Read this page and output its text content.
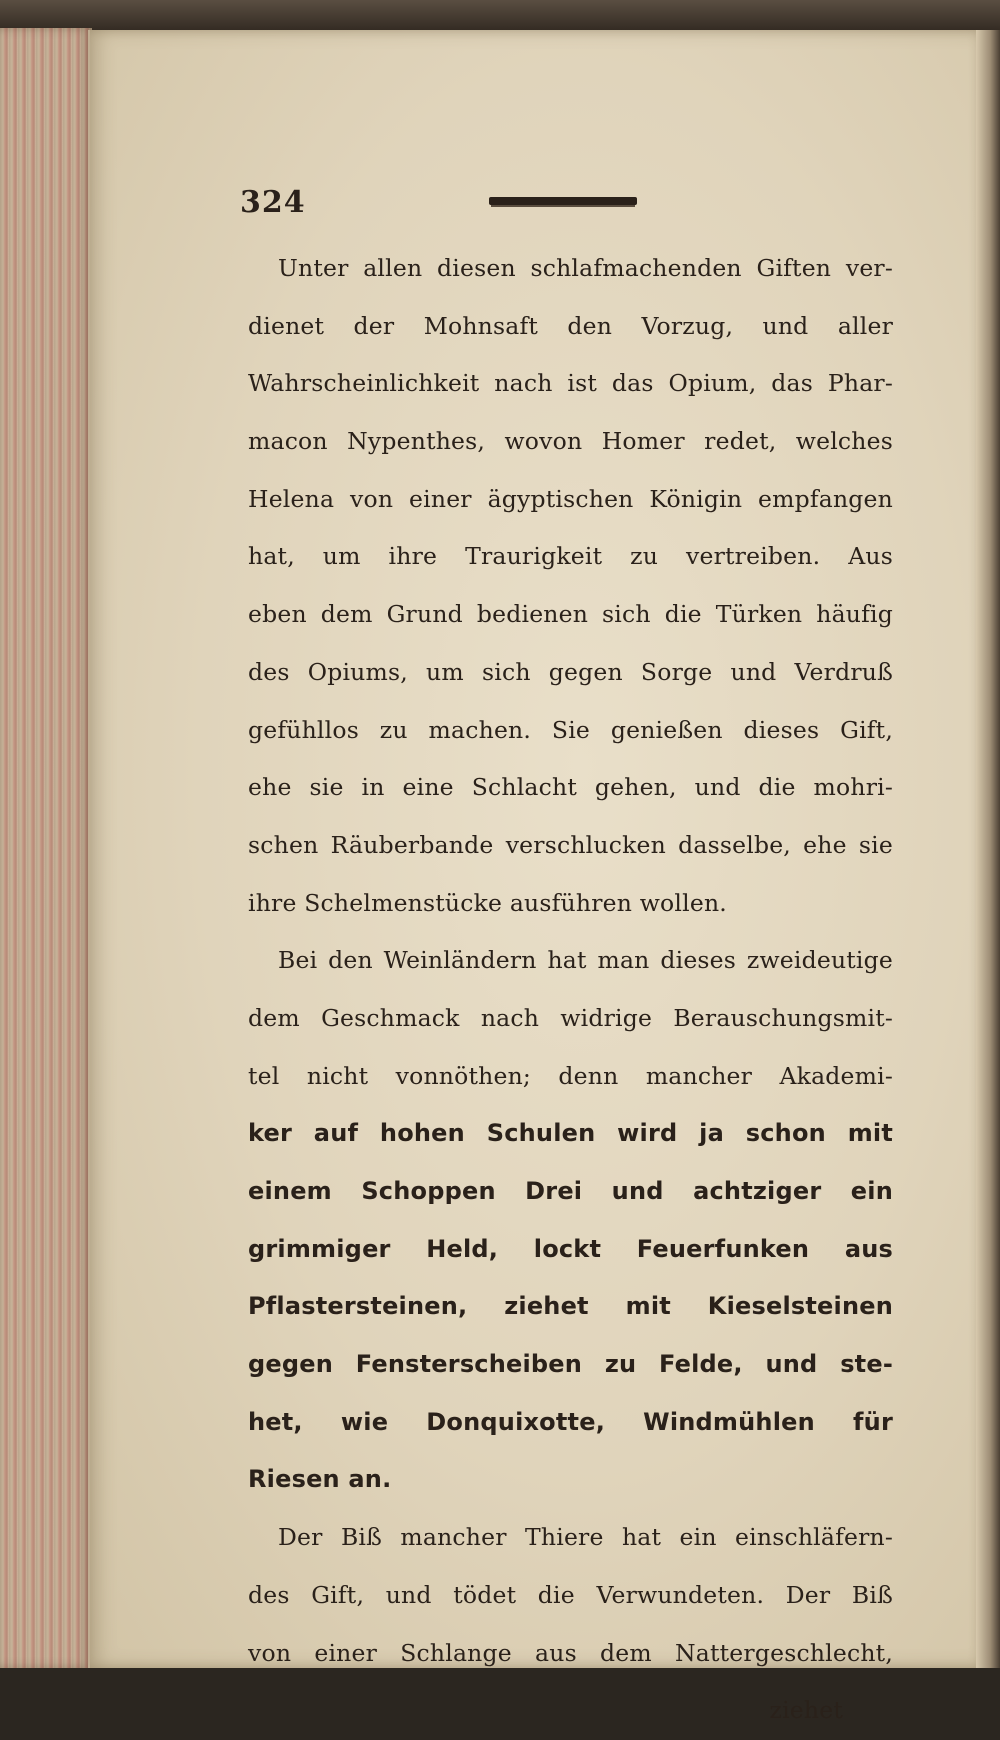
324
Unter allen diesen schlafmachenden Giften ver-
dienet der Mohnsaft den Vorzug, und aller
Wahrscheinlichkeit nach ist das Opium, das Phar-
macon Nypenthes, wovon Homer redet, welches
Helena von einer ägyptischen Königin empfangen
hat, um ihre Traurigkeit zu vertreiben. Aus
eben dem Grund bedienen sich die Türken häufig
des Opiums, um sich gegen Sorge und Verdruß
gefühllos zu machen. Sie genießen dieses Gift,
ehe sie in eine Schlacht gehen, und die mohri-
schen Räuberbande verschlucken dasselbe, ehe sie
ihre Schelmenstücke ausführen wollen.
Bei den Weinländern hat man dieses zweideutige
dem Geschmack nach widrige Berauschungsmit-
tel nicht vonnöthen; denn mancher Akademi-
ker auf hohen Schulen wird ja schon mit
einem Schoppen Drei und achtziger ein
grimmiger Held, lockt Feuerfunken aus
Pflastersteinen, ziehet mit Kieselsteinen
gegen Fensterscheiben zu Felde, und ste-
het, wie Donquixotte, Windmühlen für
Riesen an.
Der Biß mancher Thiere hat ein einschläfern-
des Gift, und tödet die Verwundeten. Der Biß
von einer Schlange aus dem Nattergeschlecht,
ziehet
